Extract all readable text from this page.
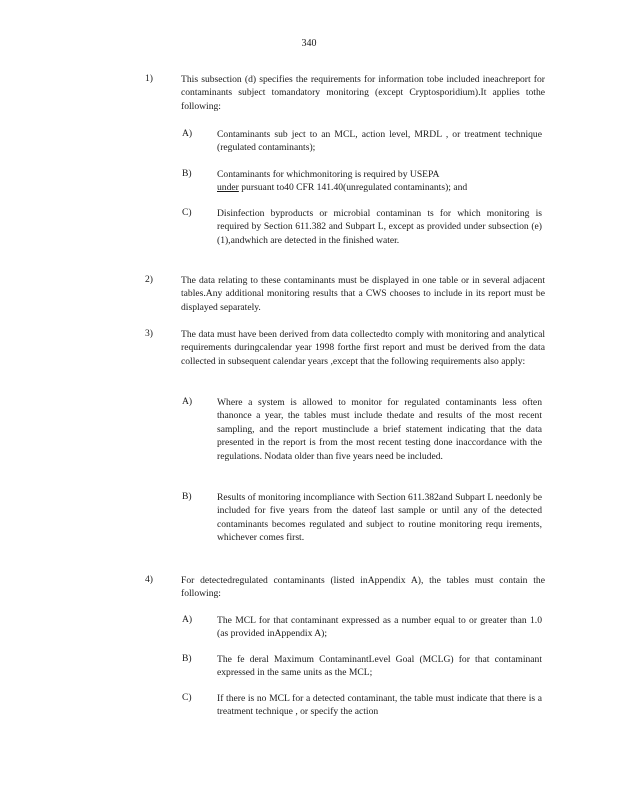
340
1)	This subsection (d) specifies the requirements for information tobe included ineachreport for contaminants subject tomandatory monitoring (except Cryptosporidium).It applies tothe following:
A)	Contaminants sub ject to an MCL, action level, MRDL , or treatment technique (regulated contaminants);
B)	Contaminants for whichmonitoring is required by USEPA
under pursuant to40 CFR 141.40(unregulated contaminants); and
C)	Disinfection byproducts or microbial contaminan ts for which monitoring is required by Section 611.382 and Subpart L, except as provided under subsection (e)(1),andwhich are detected in the finished water.
2)	The data relating to these contaminants must be displayed in one table or in several adjacent tables.Any additional monitoring results that a CWS chooses to include in its report must be displayed separately.
3)	The data must have been derived from data collectedto comply with monitoring and analytical requirements duringcalendar year 1998 forthe first report and must be derived from the data collected in subsequent calendar years ,except that the following requirements also apply:
A)	Where a system is allowed to monitor for regulated contaminants less often thanonce a year, the tables must include thedate and results of the most recent sampling, and the report mustinclude a brief statement indicating that the data presented in the report is from the most recent testing done inaccordance with the regulations. Nodata older than five years need be included.
B)	Results of monitoring incompliance with Section 611.382and Subpart L needonly be included for five years from the dateof last sample or until any of the detected contaminants becomes regulated and subject to routine monitoring requ irements, whichever comes first.
4)	For detectedregulated contaminants (listed inAppendix A), the tables must contain the following:
A)	The MCL for that contaminant expressed as a number equal to or greater than 1.0 (as provided inAppendix A);
B)	The fe deral Maximum ContaminantLevel Goal (MCLG) for that contaminant expressed in the same units as the MCL;
C)	If there is no MCL for a detected contaminant, the table must indicate that there is a treatment technique , or specify the action
